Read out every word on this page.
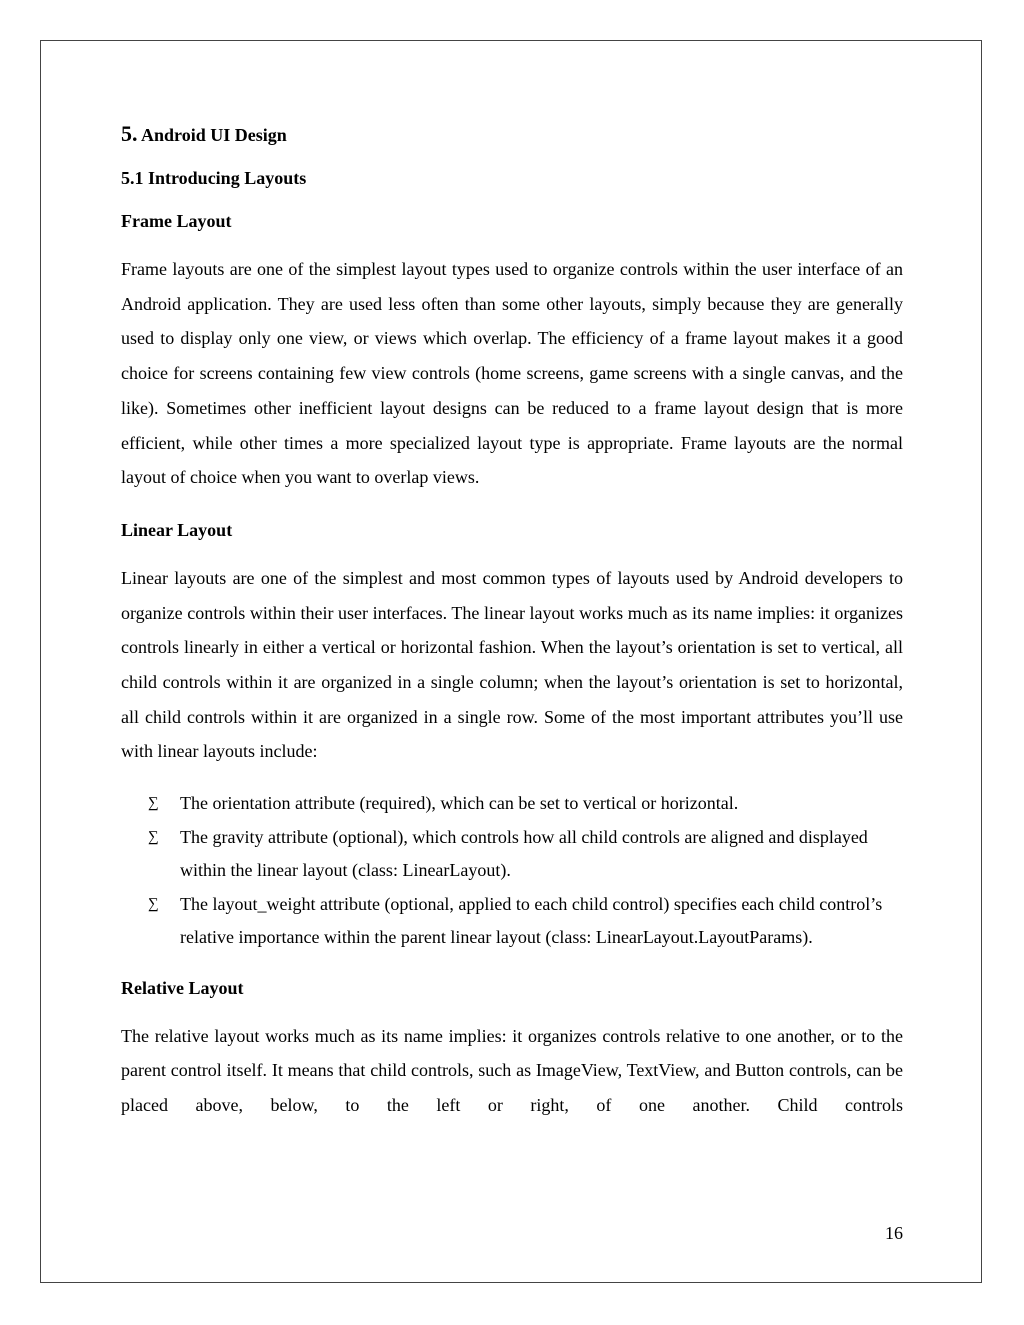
5. Android UI Design
5.1 Introducing Layouts
Frame Layout

Frame layouts are one of the simplest layout types used to organize controls within the user interface of an Android application. They are used less often than some other layouts, simply because they are generally used to display only one view, or views which overlap. The efficiency of a frame layout makes it a good choice for screens containing few view controls (home screens, game screens with a single canvas, and the like). Sometimes other inefficient layout designs can be reduced to a frame layout design that is more efficient, while other times a more specialized layout type is appropriate. Frame layouts are the normal layout of choice when you want to overlap views.

Linear Layout

Linear layouts are one of the simplest and most common types of layouts used by Android developers to organize controls within their user interfaces. The linear layout works much as its name implies: it organizes controls linearly in either a vertical or horizontal fashion. When the layout’s orientation is set to vertical, all child controls within it are organized in a single column; when the layout’s orientation is set to horizontal, all child controls within it are organized in a single row. Some of the most important attributes you’ll use with linear layouts include:

∑ The orientation attribute (required), which can be set to vertical or horizontal.
∑ The gravity attribute (optional), which controls how all child controls are aligned and displayed within the linear layout (class: LinearLayout).
∑ The layout_weight attribute (optional, applied to each child control) specifies each child control’s relative importance within the parent linear layout (class: LinearLayout.LayoutParams).
Relative Layout

The relative layout works much as its name implies: it organizes controls relative to one another, or to the parent control itself. It means that child controls, such as ImageView, TextView, and Button controls, can be placed above, below, to the left or right, of one another. Child controls

16
